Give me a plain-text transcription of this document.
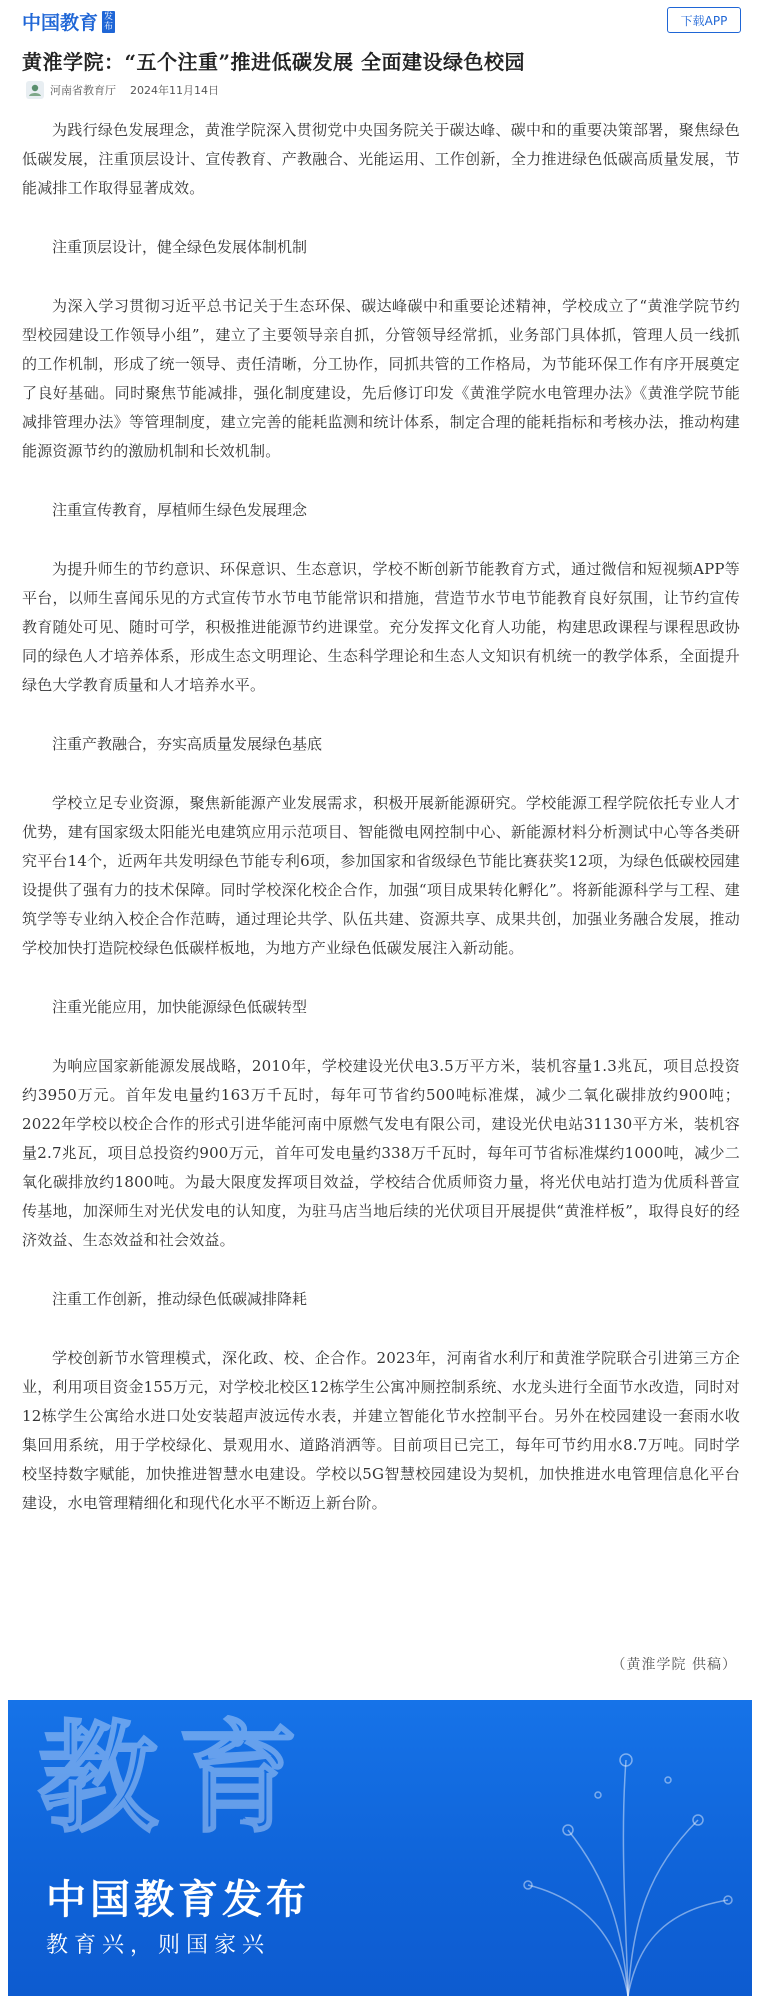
中国教育 发
布	下载APP
黄淮学院：“五个注重”推进低碳发展 全面建设绿色校园
河南省教育厅 2024年11月14日

为践行绿色发展理念，黄淮学院深入贯彻党中央国务院关于碳达峰、碳中和的重要决策部署，聚焦绿色低碳发展，注重顶层设计、宣传教育、产教融合、光能运用、工作创新，全力推进绿色低碳高质量发展，节能减排工作取得显著成效。

注重顶层设计，健全绿色发展体制机制

为深入学习贯彻习近平总书记关于生态环保、碳达峰碳中和重要论述精神，学校成立了“黄淮学院节约型校园建设工作领导小组”，建立了主要领导亲自抓，分管领导经常抓，业务部门具体抓，管理人员一线抓的工作机制，形成了统一领导、责任清晰，分工协作，同抓共管的工作格局，为节能环保工作有序开展奠定了良好基础。同时聚焦节能减排，强化制度建设，先后修订印发《黄淮学院水电管理办法》《黄淮学院节能减排管理办法》等管理制度，建立完善的能耗监测和统计体系，制定合理的能耗指标和考核办法，推动构建能源资源节约的激励机制和长效机制。

注重宣传教育，厚植师生绿色发展理念

为提升师生的节约意识、环保意识、生态意识，学校不断创新节能教育方式，通过微信和短视频APP等平台，以师生喜闻乐见的方式宣传节水节电节能常识和措施，营造节水节电节能教育良好氛围，让节约宣传教育随处可见、随时可学，积极推进能源节约进课堂。充分发挥文化育人功能，构建思政课程与课程思政协同的绿色人才培养体系，形成生态文明理论、生态科学理论和生态人文知识有机统一的教学体系，全面提升绿色大学教育质量和人才培养水平。

注重产教融合，夯实高质量发展绿色基底

学校立足专业资源，聚焦新能源产业发展需求，积极开展新能源研究。学校能源工程学院依托专业人才优势，建有国家级太阳能光电建筑应用示范项目、智能微电网控制中心、新能源材料分析测试中心等各类研究平台14个，近两年共发明绿色节能专利6项，参加国家和省级绿色节能比赛获奖12项，为绿色低碳校园建设提供了强有力的技术保障。同时学校深化校企合作，加强“项目成果转化孵化”。将新能源科学与工程、建筑学等专业纳入校企合作范畴，通过理论共学、队伍共建、资源共享、成果共创，加强业务融合发展，推动学校加快打造院校绿色低碳样板地，为地方产业绿色低碳发展注入新动能。

注重光能应用，加快能源绿色低碳转型

为响应国家新能源发展战略，2010年，学校建设光伏电3.5万平方米，装机容量1.3兆瓦，项目总投资约3950万元。首年发电量约163万千瓦时，每年可节省约500吨标准煤，减少二氧化碳排放约900吨；2022年学校以校企合作的形式引进华能河南中原燃气发电有限公司，建设光伏电站31130平方米，装机容量2.7兆瓦，项目总投资约900万元，首年可发电量约338万千瓦时，每年可节省标准煤约1000吨，减少二氧化碳排放约1800吨。为最大限度发挥项目效益，学校结合优质师资力量，将光伏电站打造为优质科普宣传基地，加深师生对光伏发电的认知度，为驻马店当地后续的光伏项目开展提供“黄淮样板”，取得良好的经济效益、生态效益和社会效益。

注重工作创新，推动绿色低碳减排降耗

学校创新节水管理模式，深化政、校、企合作。2023年，河南省水利厅和黄淮学院联合引进第三方企业，利用项目资金155万元，对学校北校区12栋学生公寓冲厕控制系统、水龙头进行全面节水改造，同时对12栋学生公寓给水进口处安装超声波远传水表，并建立智能化节水控制平台。另外在校园建设一套雨水收集回用系统，用于学校绿化、景观用水、道路消洒等。目前项目已完工，每年可节约用水8.7万吨。同时学校坚持数字赋能，加快推进智慧水电建设。学校以5G智慧校园建设为契机，加快推进水电管理信息化平台建设，水电管理精细化和现代化水平不断迈上新台阶。

（黄淮学院 供稿）
教育
中国教育发布
教育兴，则国家兴
